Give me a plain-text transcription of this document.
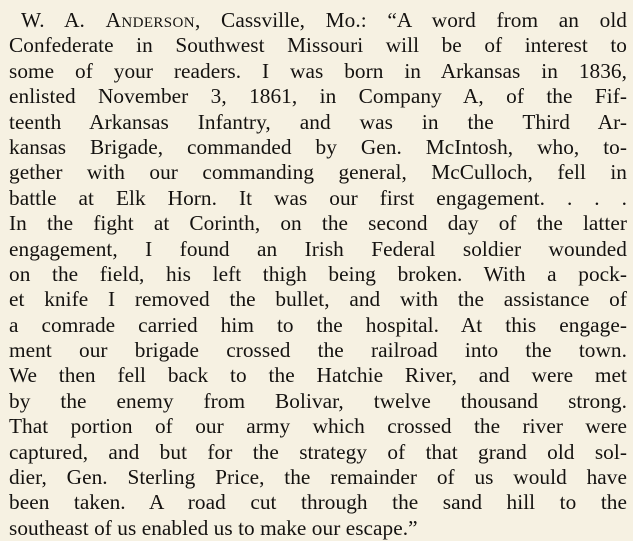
W. A. Anderson, Cassville, Mo.: “A word from an old
Confederate in Southwest Missouri will be of interest to
some of your readers. I was born in Arkansas in 1836,
enlisted November 3, 1861, in Company A, of the Fif-
teenth Arkansas Infantry, and was in the Third Ar-
kansas Brigade, commanded by Gen. McIntosh, who, to-
gether with our commanding general, McCulloch, fell in
battle at Elk Horn. It was our first engagement. . . .
In the fight at Corinth, on the second day of the latter
engagement, I found an Irish Federal soldier wounded
on the field, his left thigh being broken. With a pock-
et knife I removed the bullet, and with the assistance of
a comrade carried him to the hospital. At this engage-
ment our brigade crossed the railroad into the town.
We then fell back to the Hatchie River, and were met
by the enemy from Bolivar, twelve thousand strong.
That portion of our army which crossed the river were
captured, and but for the strategy of that grand old sol-
dier, Gen. Sterling Price, the remainder of us would have
been taken. A road cut through the sand hill to the
southeast of us enabled us to make our escape.”
